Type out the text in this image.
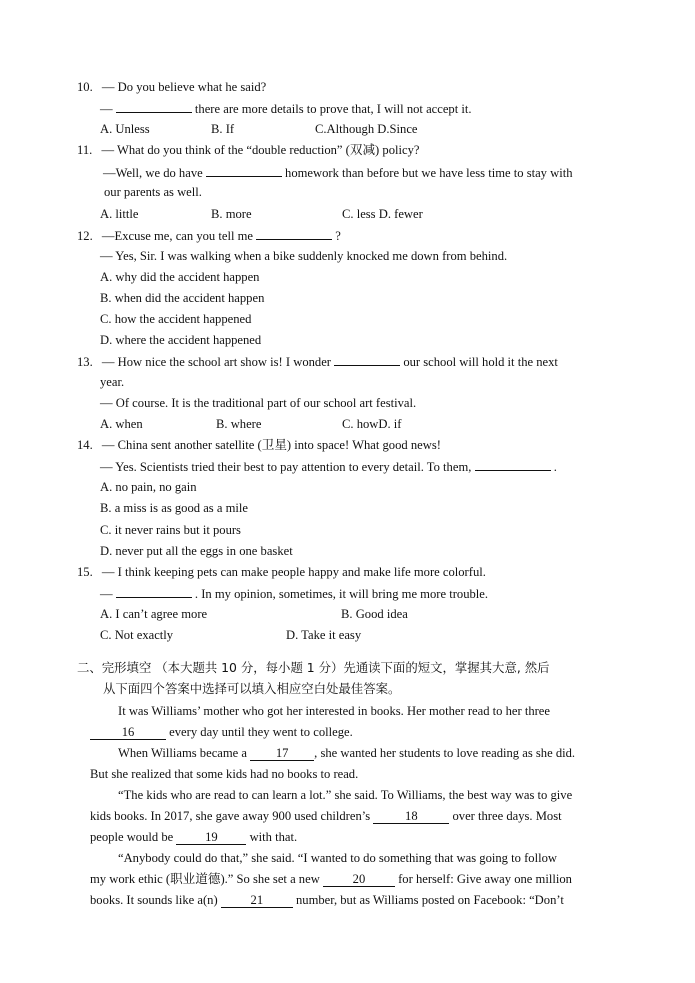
10. — Do you believe what he said?
—	there are more details to prove that, I will not accept it.
A. Unless	B. If	C.Although D.Since
11. — What do you think of the “double reduction” (双减) policy?
—Well, we do have	homework than before but we have less time to stay with
our parents as well.
A. little	B. more	C. less D. fewer
12. —Excuse me, can you tell me	?
— Yes, Sir. I was walking when a bike suddenly knocked me down from behind.
A. why did the accident happen
B. when did the accident happen
C. how the accident happened
D. where the accident happened
13. — How nice the school art show is! I wonder	our school will hold it the next
year.
— Of course. It is the traditional part of our school art festival.
A. when	B. where	C. howD. if
14. — China sent another satellite (卫星) into space! What good news!
— Yes. Scientists tried their best to pay attention to every detail. To them,	.
A. no pain, no gain
B. a miss is as good as a mile
C. it never rains but it pours
D. never put all the eggs in one basket
15. — I think keeping pets can make people happy and make life more colorful.
—	. In my opinion, sometimes, it will bring me more trouble.
A. I can’t agree more	B. Good idea
C. Not exactly	D. Take it easy
二、完形填空 （本大题共 10 分，每小题 1 分）先通读下面的短文，掌握其大意, 然后
从下面四个答案中选择可以填入相应空白处最佳答案。
It was Williams’ mother who got her interested in books. Her mother read to her three
16	every day until they went to college.
When Williams became a 17 , she wanted her students to love reading as she did.
But she realized that some kids had no books to read.
“The kids who are read to can learn a lot.” she said. To Williams, the best way was to give
kids books. In 2017, she gave away 900 used children’s	18	over three days. Most
people would be	19	with that.
“Anybody could do that,” she said. “I wanted to do something that was going to follow
my work ethic (职业道德).” So she set a new	20	for herself: Give away one million
books. It sounds like a(n)	21	number, but as Williams posted on Facebook: “Don’t
